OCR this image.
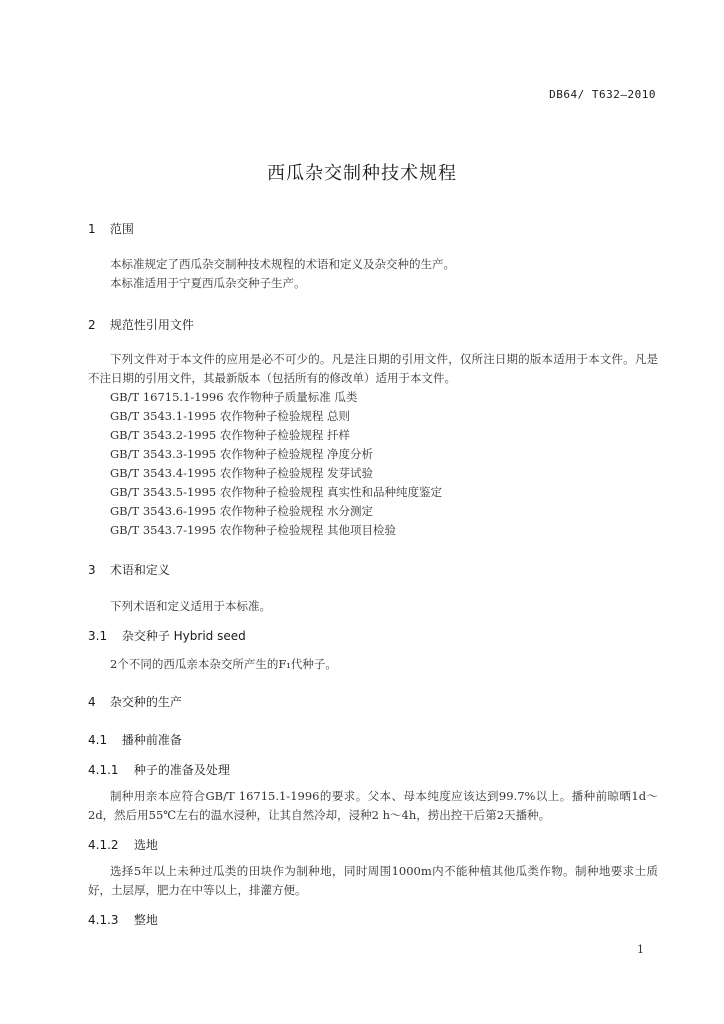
DB64/ T632—2010
西瓜杂交制种技术规程
1 范围
本标准规定了西瓜杂交制种技术规程的术语和定义及杂交种的生产。
本标准适用于宁夏西瓜杂交种子生产。
2 规范性引用文件
下列文件对于本文件的应用是必不可少的。凡是注日期的引用文件，仅所注日期的版本适用于本文件。凡是不注日期的引用文件，其最新版本（包括所有的修改单）适用于本文件。
GB/T 16715.1-1996 农作物种子质量标准 瓜类
GB/T 3543.1-1995 农作物种子检验规程 总则
GB/T 3543.2-1995 农作物种子检验规程 扦样
GB/T 3543.3-1995 农作物种子检验规程 净度分析
GB/T 3543.4-1995 农作物种子检验规程 发芽试验
GB/T 3543.5-1995 农作物种子检验规程 真实性和品种纯度鉴定
GB/T 3543.6-1995 农作物种子检验规程 水分测定
GB/T 3543.7-1995 农作物种子检验规程 其他项目检验
3 术语和定义
下列术语和定义适用于本标准。
3.1 杂交种子 Hybrid seed
2个不同的西瓜亲本杂交所产生的F₁代种子。
4 杂交种的生产
4.1 播种前准备
4.1.1 种子的准备及处理
制种用亲本应符合GB/T 16715.1-1996的要求。父本、母本纯度应该达到99.7%以上。播种前晾晒1d～2d，然后用55℃左右的温水浸种，让其自然冷却，浸种2 h～4h，捞出控干后第2天播种。
4.1.2 选地
选择5年以上未种过瓜类的田块作为制种地，同时周围1000m内不能种植其他瓜类作物。制种地要求土质好，土层厚，肥力在中等以上，排灌方便。
4.1.3 整地
1
